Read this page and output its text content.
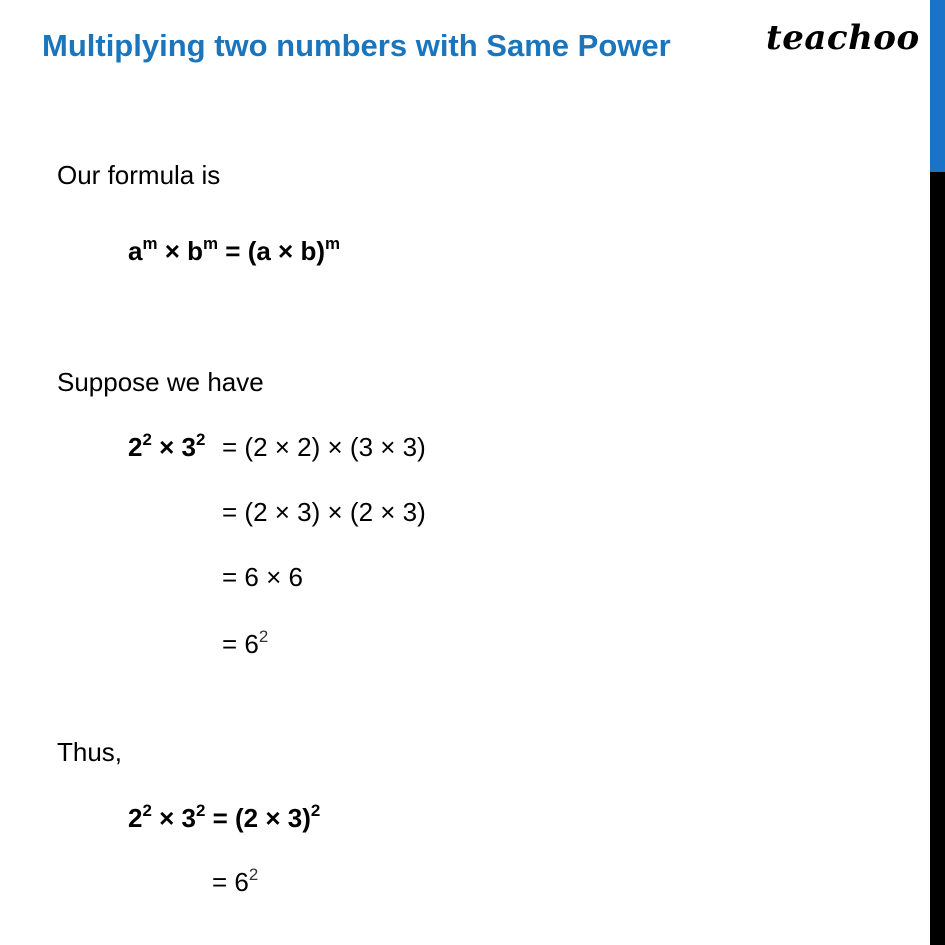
Multiplying two numbers with Same Power	teachoo
Our formula is
$a^m \times b^m = (a \times b)^m$
Suppose we have
$2^2 \times 3^2 = (2 \times 2) \times (3 \times 3)$
= (2 × 3) × (2 × 3)
= 6 × 6
= $6^2$
Thus,
$2^2 \times 3^2 = (2 \times 3)^2$
= $6^2$
